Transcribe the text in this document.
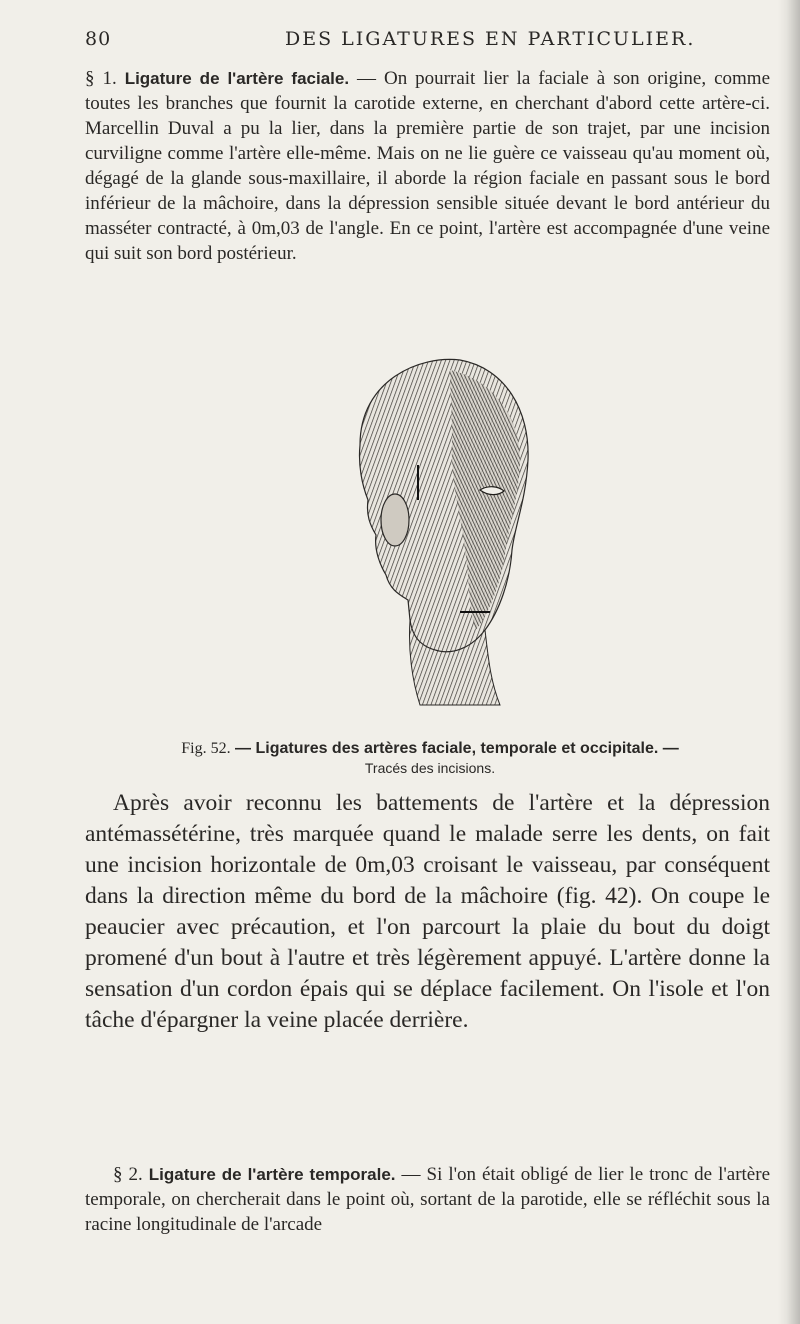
80	DES LIGATURES EN PARTICULIER.

§ 1. Ligature de l'artère faciale. — On pourrait lier la faciale à son origine, comme toutes les branches que fournit la carotide externe, en cherchant d'abord cette artère-ci. Marcellin Duval a pu la lier, dans la première partie de son trajet, par une incision curviligne comme l'artère elle-même. Mais on ne lie guère ce vaisseau qu'au moment où, dégagé de la glande sous-maxillaire, il aborde la région faciale en passant sous le bord inférieur de la mâchoire, dans la dépression sensible située devant le bord antérieur du masséter contracté, à 0m,03 de l'angle. En ce point, l'artère est accompagnée d'une veine qui suit son bord postérieur.

Fig. 52. — Ligatures des artères faciale, temporale et occipitale. —

Tracés des incisions.

Après avoir reconnu les battements de l'artère et la dépression antémassétérine, très marquée quand le malade serre les dents, on fait une incision horizontale de 0m,03 croisant le vaisseau, par conséquent dans la direction même du bord de la mâchoire (fig. 42). On coupe le peaucier avec précaution, et l'on parcourt la plaie du bout du doigt promené d'un bout à l'autre et très légèrement appuyé. L'artère donne la sensation d'un cordon épais qui se déplace facilement. On l'isole et l'on tâche d'épargner la veine placée derrière.

§ 2. Ligature de l'artère temporale. — Si l'on était obligé de lier le tronc de l'artère temporale, on chercherait dans le point où, sortant de la parotide, elle se réfléchit sous la racine longitudinale de l'arcade
